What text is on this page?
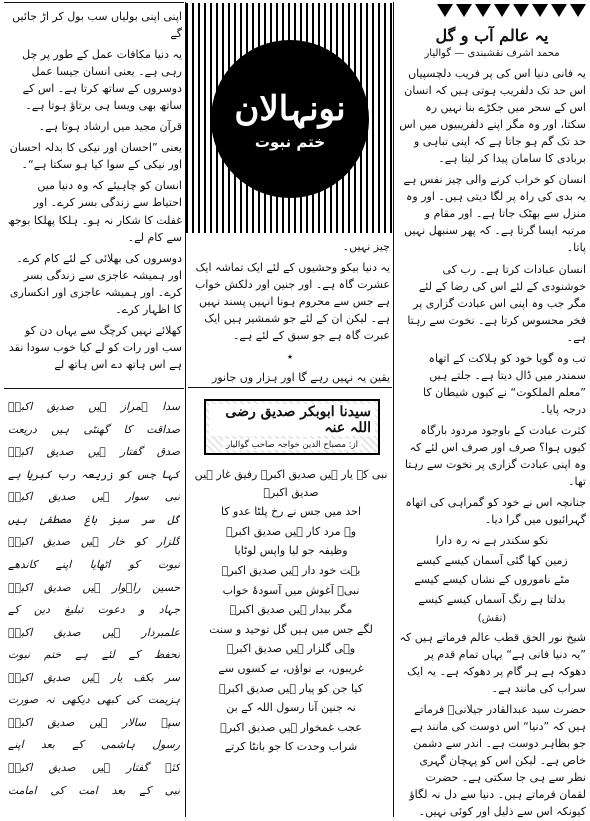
اپنی اپنی بولیاں سب بول کر اڑ جائیں گے

یہ دنیا مکافات عمل کے طور پر چل رہی ہے۔ یعنی انسان جیسا عمل دوسروں کے ساتھ کرتا ہے۔ اس کے ساتھ بھی ویسا ہی برتاؤ ہوتا ہے۔

قرآن مجید میں ارشاد ہوتا ہے۔

یعنی ”احسان اور نیکی کا بدلہ احسان اور نیکی کے سوا کیا ہو سکتا ہے“۔

انسان کو چاہیئے کہ وہ دنیا میں احتیاط سے زندگی بسر کرے۔ اور غفلت کا شکار نہ ہو۔ ہلکا پھلکا بوجھ سے کام لے۔

دوسروں کی بھلائی کے لئے کام کرے۔ اور ہمیشہ عاجزی سے زندگی بسر کرے۔ اور ہمیشہ عاجزی اور انکساری کا اظہار کرے۔

کھلائے نہیں کرچگ سے یہاں دن کو سب اور رات کو لے کیا خوب سودا نقد ہے اس ہاتھ دے اس ہاتھ لے

سدا ہمراز ہیں صدیق اکبرؓ

صداقت کا گھنٹی ہیں دریعت

صدق گفتار ہیں صدیق اکبرؓ

کہا جس کو زریعہ رب کبریا ہے

نبی سوار ہیں صدیق اکبرؓ

گل سر سبز باغ مصطفیٰ ہیں

گلزار کو خار ہیں صدیق اکبرؓ

نبوت کو اٹھایا اپنے کاندھے

حسین راہوار ہیں صدیق اکبرؓ

جہاد و دعوت تبلیغ دین کے

علمبردار ہیں صدیق اکبرؓ

تحفظ کے لئے ہے ختم نبوت

سر بکف یار ہیں صدیق اکبرؓ

ہزیمت کی کبھی دیکھی نہ صورت

سپہ سالار ہیں صدیق اکبرؓ

رسول ہاشمی کے بعد اپنے

کئے گفتار ہیں صدیق اکبرؓ

نبی کے بعد امت کی امامت

نونہالان
ختم نبوت

چیز نہیں۔

یہ دنیا بیکو وحشیوں کے لئے ایک تماشہ ایک عشرت گاہ ہے۔ اور جنین اور دلکش خواب ہے جس سے محروم ہونا انہیں پسند نہیں ہے۔ لیکن ان کے لئے جو شمشیر ہیں ایک عبرت گاہ ہے جو سبق کے لئے ہے۔

٭

یقین یہ نہیں رہے گا اور ہزار وں جانور

سیدنا ابوبکر صدیق رضی اللہ عنہ
از: مصباح الدین خواجہ صاحب گوالیار

نبی کے یار ہیں صدیق اکبرؓ رفیق غار ہیں صدیق اکبرؓ

احد میں جس نے رخ پلٹا عدو کا

وہ مرد کار ہیں صدیق اکبرؓ

وظیفہ جو لیا واپس لوٹایا

بہت خود دار ہیں صدیق اکبرؓ

نبیؐ آغوش میں آسودۂ خواب

مگر بیدار ہیں صدیق اکبرؓ

لگے جس میں ہیں گل توحید و سنت

وہی گلزار ہیں صدیق اکبرؓ

غریبوں، بے نواؤں، بے کسوں سے

کیا جن کو پیار ہیں صدیق اکبرؓ

نہ جنین آنا رسول اللہ کے بن

عجب غمخوار ہیں صدیق اکبرؓ

شراب وحدت کا جو بانٹا کرتے

یہ عالم آب و گل
محمد اشرف نقشبندی — گوالیار

یہ فانی دنیا اس کی پر فریب دلچسپیاں اس حد تک دلفریب ہوتی ہیں کہ انسان اس کے سحر میں جکڑے بنا نہیں رہ سکتا، اور وہ مگر اپنے دلفریبیوں میں اس حد تک گم ہو جاتا ہے کہ اپنی تباہی و بربادی کا سامان پیدا کر لیتا ہے۔

انسان کو خراب کرنے والی چیز نفس ہے یہ بدی کی راہ پر لگا دیتی ہیں۔ اور وہ منزل سے بھٹک جاتا ہے۔ اور مقام و مرتبہ ایسا گرتا ہے۔ کہ پھر سنبھل نہیں پاتا۔

انسان عبادات کرتا ہے۔ رب کی خوشنودی کے لئے اس کی رضا کے لئے مگر جب وہ اپنی اس عبادت گزاری پر فخر محسوس کرتا ہے۔ نخوت سے رہتا ہے۔

تب وہ گویا خود کو ہلاکت کے اتھاہ سمندر میں ڈال دیتا ہے۔ جلتے ہیں ”معلم الملکوت“ نے کیوں شیطان کا درجہ پایا۔

کثرت عبادت کے باوجود مردود بارگاہ کیوں ہوا؟ صرف اور صرف اس لئے کہ وہ اپنی عبادت گزاری پر نخوت سے رہتا تھا۔

جنانچہ اس نے خود کو گمراہی کی اتھاہ گہرائیوں میں گرا دیا۔

نکو سکندر ہے نہ رہ دارا

زمین کھا گئی آسمان کیسے کیسے

مٹے ناموروں کے نشاں کیسے کیسے

بدلتا ہے رنگ آسماں کیسے کیسے

(نقش)

شیخ نور الحق قطب عالم فرماتے ہیں کہ ”یہ دنیا فانی ہے“ یہاں تمام قدم پر دھوکہ ہے ہر گام پر دھوکہ ہے۔ یہ ایک سراب کی مانند ہے۔

حضرت سید عبدالقادر جیلانیؒ فرماتے ہیں کہ ”دنیا“ اس دوست کی مانند ہے جو بظاہر دوست ہے۔ اندر سے دشمن خاص ہے۔ لیکن اس کو پہچان گہری نظر سے ہی جا سکتی ہے۔ حضرت لقمان فرماتے ہیں۔ دنیا سے دل نہ لگاؤ کیونکہ اس سے ذلیل اور کوئی نہیں۔
